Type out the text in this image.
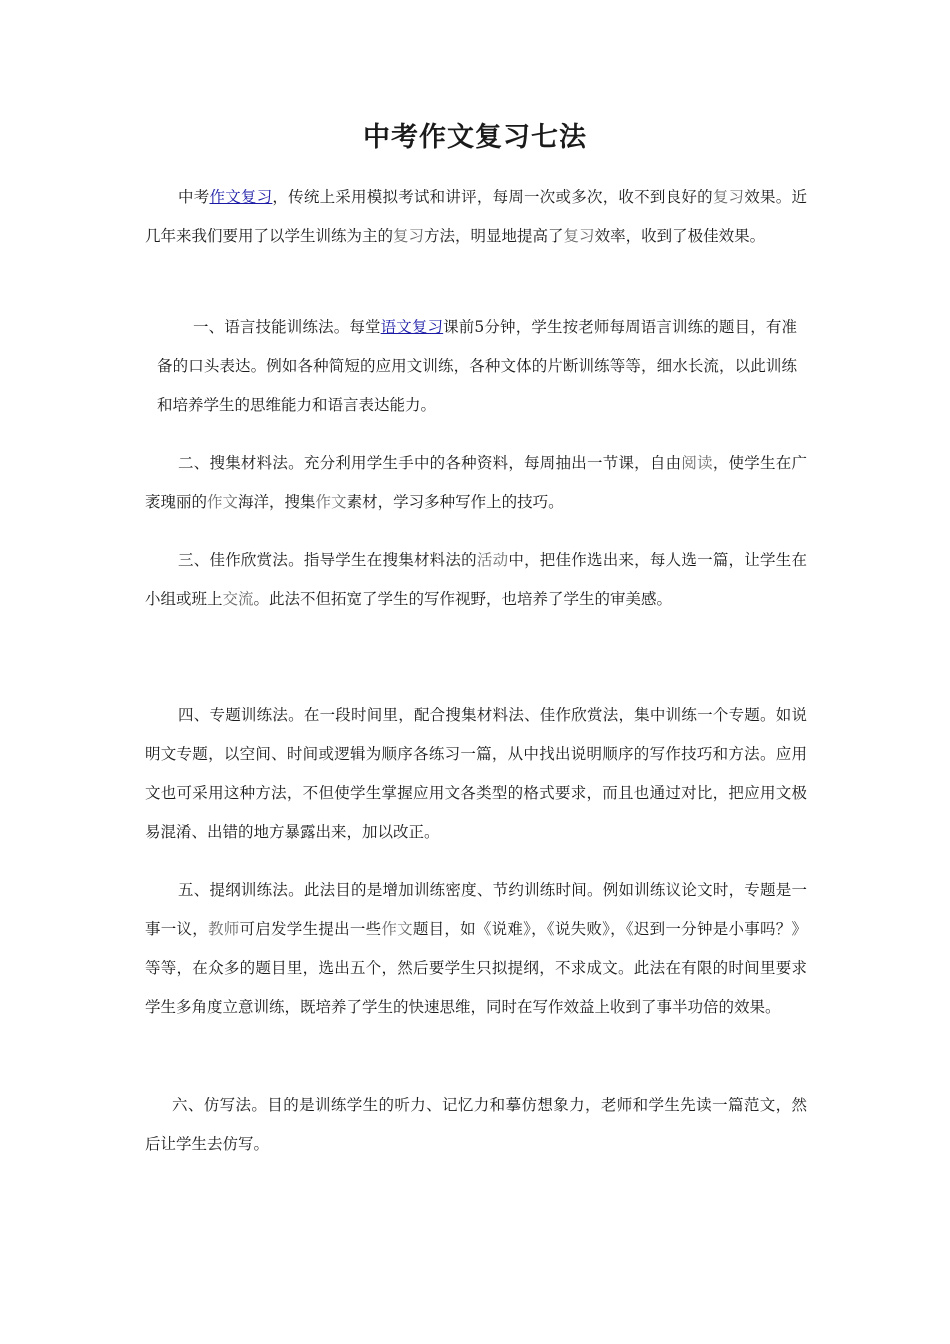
中考作文复习七法
中考作文复习，传统上采用模拟考试和讲评，每周一次或多次，收不到良好的复习效果。近几年来我们要用了以学生训练为主的复习方法，明显地提高了复习效率，收到了极佳效果。
一、语言技能训练法。每堂语文复习课前5分钟，学生按老师每周语言训练的题目，有准备的口头表达。例如各种简短的应用文训练，各种文体的片断训练等等，细水长流，以此训练和培养学生的思维能力和语言表达能力。
二、搜集材料法。充分利用学生手中的各种资料，每周抽出一节课，自由阅读，使学生在广袤瑰丽的作文海洋，搜集作文素材，学习多种写作上的技巧。
三、佳作欣赏法。指导学生在搜集材料法的活动中，把佳作选出来，每人选一篇，让学生在小组或班上交流。此法不但拓宽了学生的写作视野，也培养了学生的审美感。
四、专题训练法。在一段时间里，配合搜集材料法、佳作欣赏法，集中训练一个专题。如说明文专题，以空间、时间或逻辑为顺序各练习一篇，从中找出说明顺序的写作技巧和方法。应用文也可采用这种方法，不但使学生掌握应用文各类型的格式要求，而且也通过对比，把应用文极易混淆、出错的地方暴露出来，加以改正。
五、提纲训练法。此法目的是增加训练密度、节约训练时间。例如训练议论文时，专题是一事一议，教师可启发学生提出一些作文题目，如《说难》，《说失败》，《迟到一分钟是小事吗？》等等，在众多的题目里，选出五个，然后要学生只拟提纲，不求成文。此法在有限的时间里要求学生多角度立意训练，既培养了学生的快速思维，同时在写作效益上收到了事半功倍的效果。
六、仿写法。目的是训练学生的听力、记忆力和摹仿想象力，老师和学生先读一篇范文，然后让学生去仿写。
